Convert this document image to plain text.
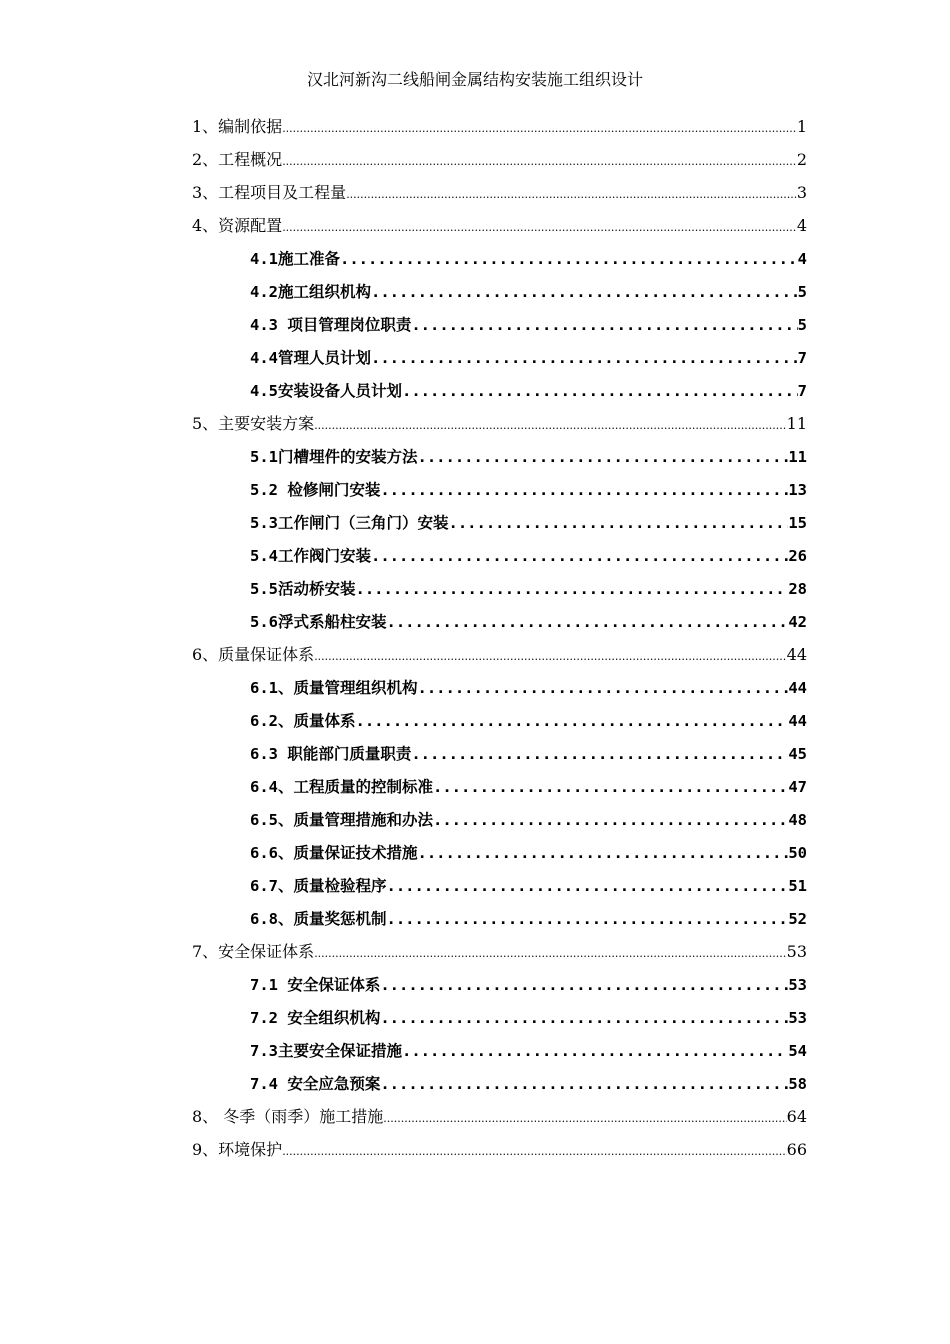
汉北河新沟二线船闸金属结构安装施工组织设计
1、编制依据 .....	1
2、工程概况 .....	2
3、工程项目及工程量 .....	3
4、资源配置 .....	4
4.1施工准备 .....	4
4.2施工组织机构 .....	5
4.3 项目管理岗位职责 .....	5
4.4管理人员计划 .....	7
4.5安装设备人员计划 .....	7
5、主要安装方案 .....	11
5.1门槽埋件的安装方法 .....	11
5.2 检修闸门安装 .....	13
5.3工作闸门（三角门）安装 .....	15
5.4工作阀门安装 .....	26
5.5活动桥安装 .....	28
5.6浮式系船柱安装 .....	42
6、质量保证体系 .....	44
6.1、质量管理组织机构 .....	44
6.2、质量体系 .....	44
6.3 职能部门质量职责 .....	45
6.4、工程质量的控制标准 .....	47
6.5、质量管理措施和办法 .....	48
6.6、质量保证技术措施 .....	50
6.7、质量检验程序 .....	51
6.8、质量奖惩机制 .....	52
7、安全保证体系 .....	53
7.1 安全保证体系 .....	53
7.2 安全组织机构 .....	53
7.3主要安全保证措施 .....	54
7.4 安全应急预案 .....	58
8、 冬季（雨季）施工措施 .....	64
9、环境保护 .....	66
